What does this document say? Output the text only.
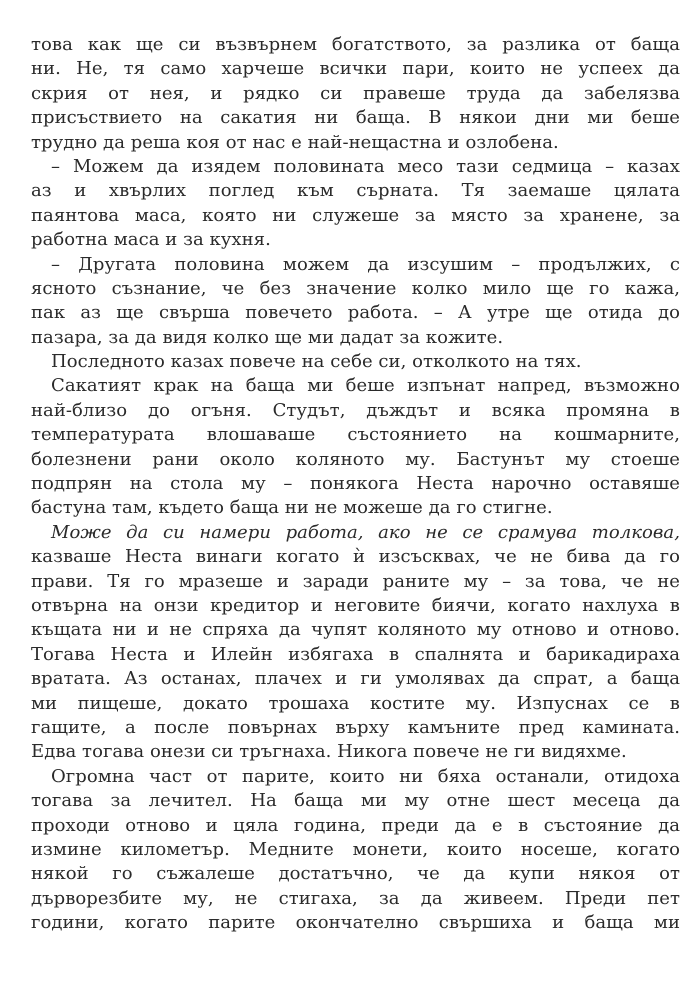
това как ще си възвърнем богатството, за разлика от баща
ни. Не, тя само харчеше всички пари, които не успеех да
скрия от нея, и рядко си правеше труда да забелязва
присъствието на сакатия ни баща. В някои дни ми беше
трудно да реша коя от нас е най-нещастна и озлобена.
– Можем да изядем половината месо тази седмица – казах
аз и хвърлих поглед към сърната. Тя заемаше цялата
паянтова маса, която ни служеше за място за хранене, за
работна маса и за кухня.
– Другата половина можем да изсушим – продължих, с
ясното съзнание, че без значение колко мило ще го кажа,
пак аз ще свърша повечето работа. – А утре ще отида до
пазара, за да видя колко ще ми дадат за кожите.
Последното казах повече на себе си, отколкото на тях.
Сакатият крак на баща ми беше изпънат напред, възможно
най-близо до огъня. Студът, дъждът и всяка промяна в
температурата влошаваше състоянието на кошмарните,
болезнени рани около коляното му. Бастунът му стоеше
подпрян на стола му – понякога Неста нарочно оставяше
бастуна там, където баща ни не можеше да го стигне.
Може да си намери работа, ако не се срамува толкова,
казваше Неста винаги когато ѝ изсъсквах, че не бива да го
прави. Тя го мразеше и заради раните му – за това, че не
отвърна на онзи кредитор и неговите биячи, когато нахлуха в
къщата ни и не спряха да чупят коляното му отново и отново.
Тогава Неста и Илейн избягаха в спалнята и барикадираха
вратата. Аз останах, плачех и ги умолявах да спрат, а баща
ми пищеше, докато трошаха костите му. Изпуснах се в
гащите, а после повърнах върху камъните пред камината.
Едва тогава онези си тръгнаха. Никога повече не ги видяхме.
Огромна част от парите, които ни бяха останали, отидоха
тогава за лечител. На баща ми му отне шест месеца да
проходи отново и цяла година, преди да е в състояние да
измине километър. Медните монети, които носеше, когато
някой го съжалеше достатъчно, че да купи някоя от
дърворезбите му, не стигаха, за да живеем. Преди пет
години, когато парите окончателно свършиха и баща ми
